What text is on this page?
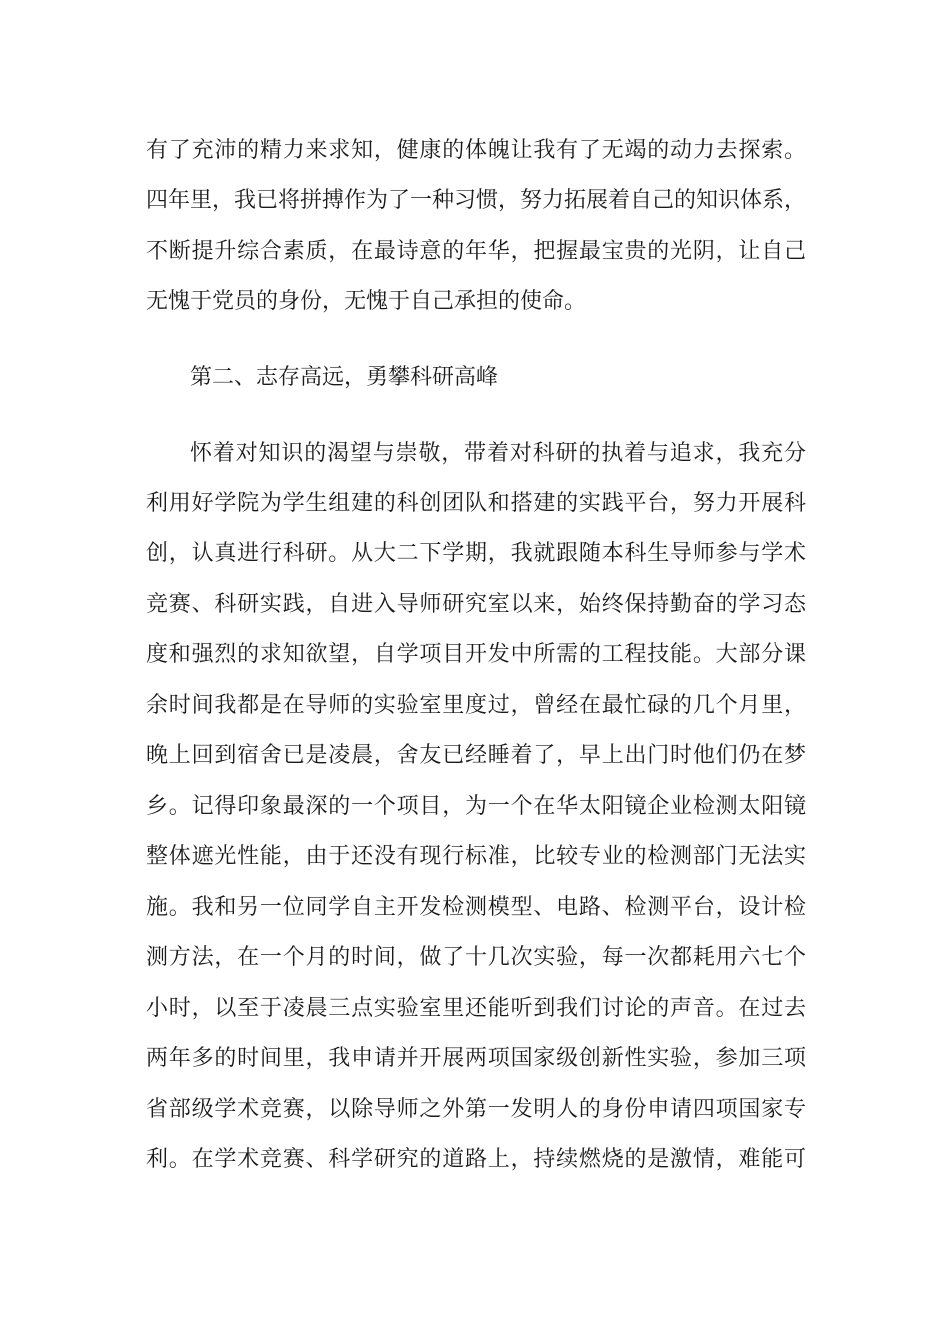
有了充沛的精力来求知，健康的体魄让我有了无竭的动力去探索。
四年里，我已将拼搏作为了一种习惯，努力拓展着自己的知识体系，
不断提升综合素质，在最诗意的年华，把握最宝贵的光阴，让自己
无愧于党员的身份，无愧于自己承担的使命。
第二、志存高远，勇攀科研高峰
怀着对知识的渴望与崇敬，带着对科研的执着与追求，我充分
利用好学院为学生组建的科创团队和搭建的实践平台，努力开展科
创，认真进行科研。从大二下学期，我就跟随本科生导师参与学术
竞赛、科研实践，自进入导师研究室以来，始终保持勤奋的学习态
度和强烈的求知欲望，自学项目开发中所需的工程技能。大部分课
余时间我都是在导师的实验室里度过，曾经在最忙碌的几个月里，
晚上回到宿舍已是凌晨，舍友已经睡着了，早上出门时他们仍在梦
乡。记得印象最深的一个项目，为一个在华太阳镜企业检测太阳镜
整体遮光性能，由于还没有现行标准，比较专业的检测部门无法实
施。我和另一位同学自主开发检测模型、电路、检测平台，设计检
测方法，在一个月的时间，做了十几次实验，每一次都耗用六七个
小时，以至于凌晨三点实验室里还能听到我们讨论的声音。在过去
两年多的时间里，我申请并开展两项国家级创新性实验，参加三项
省部级学术竞赛，以除导师之外第一发明人的身份申请四项国家专
利。在学术竞赛、科学研究的道路上，持续燃烧的是激情，难能可
